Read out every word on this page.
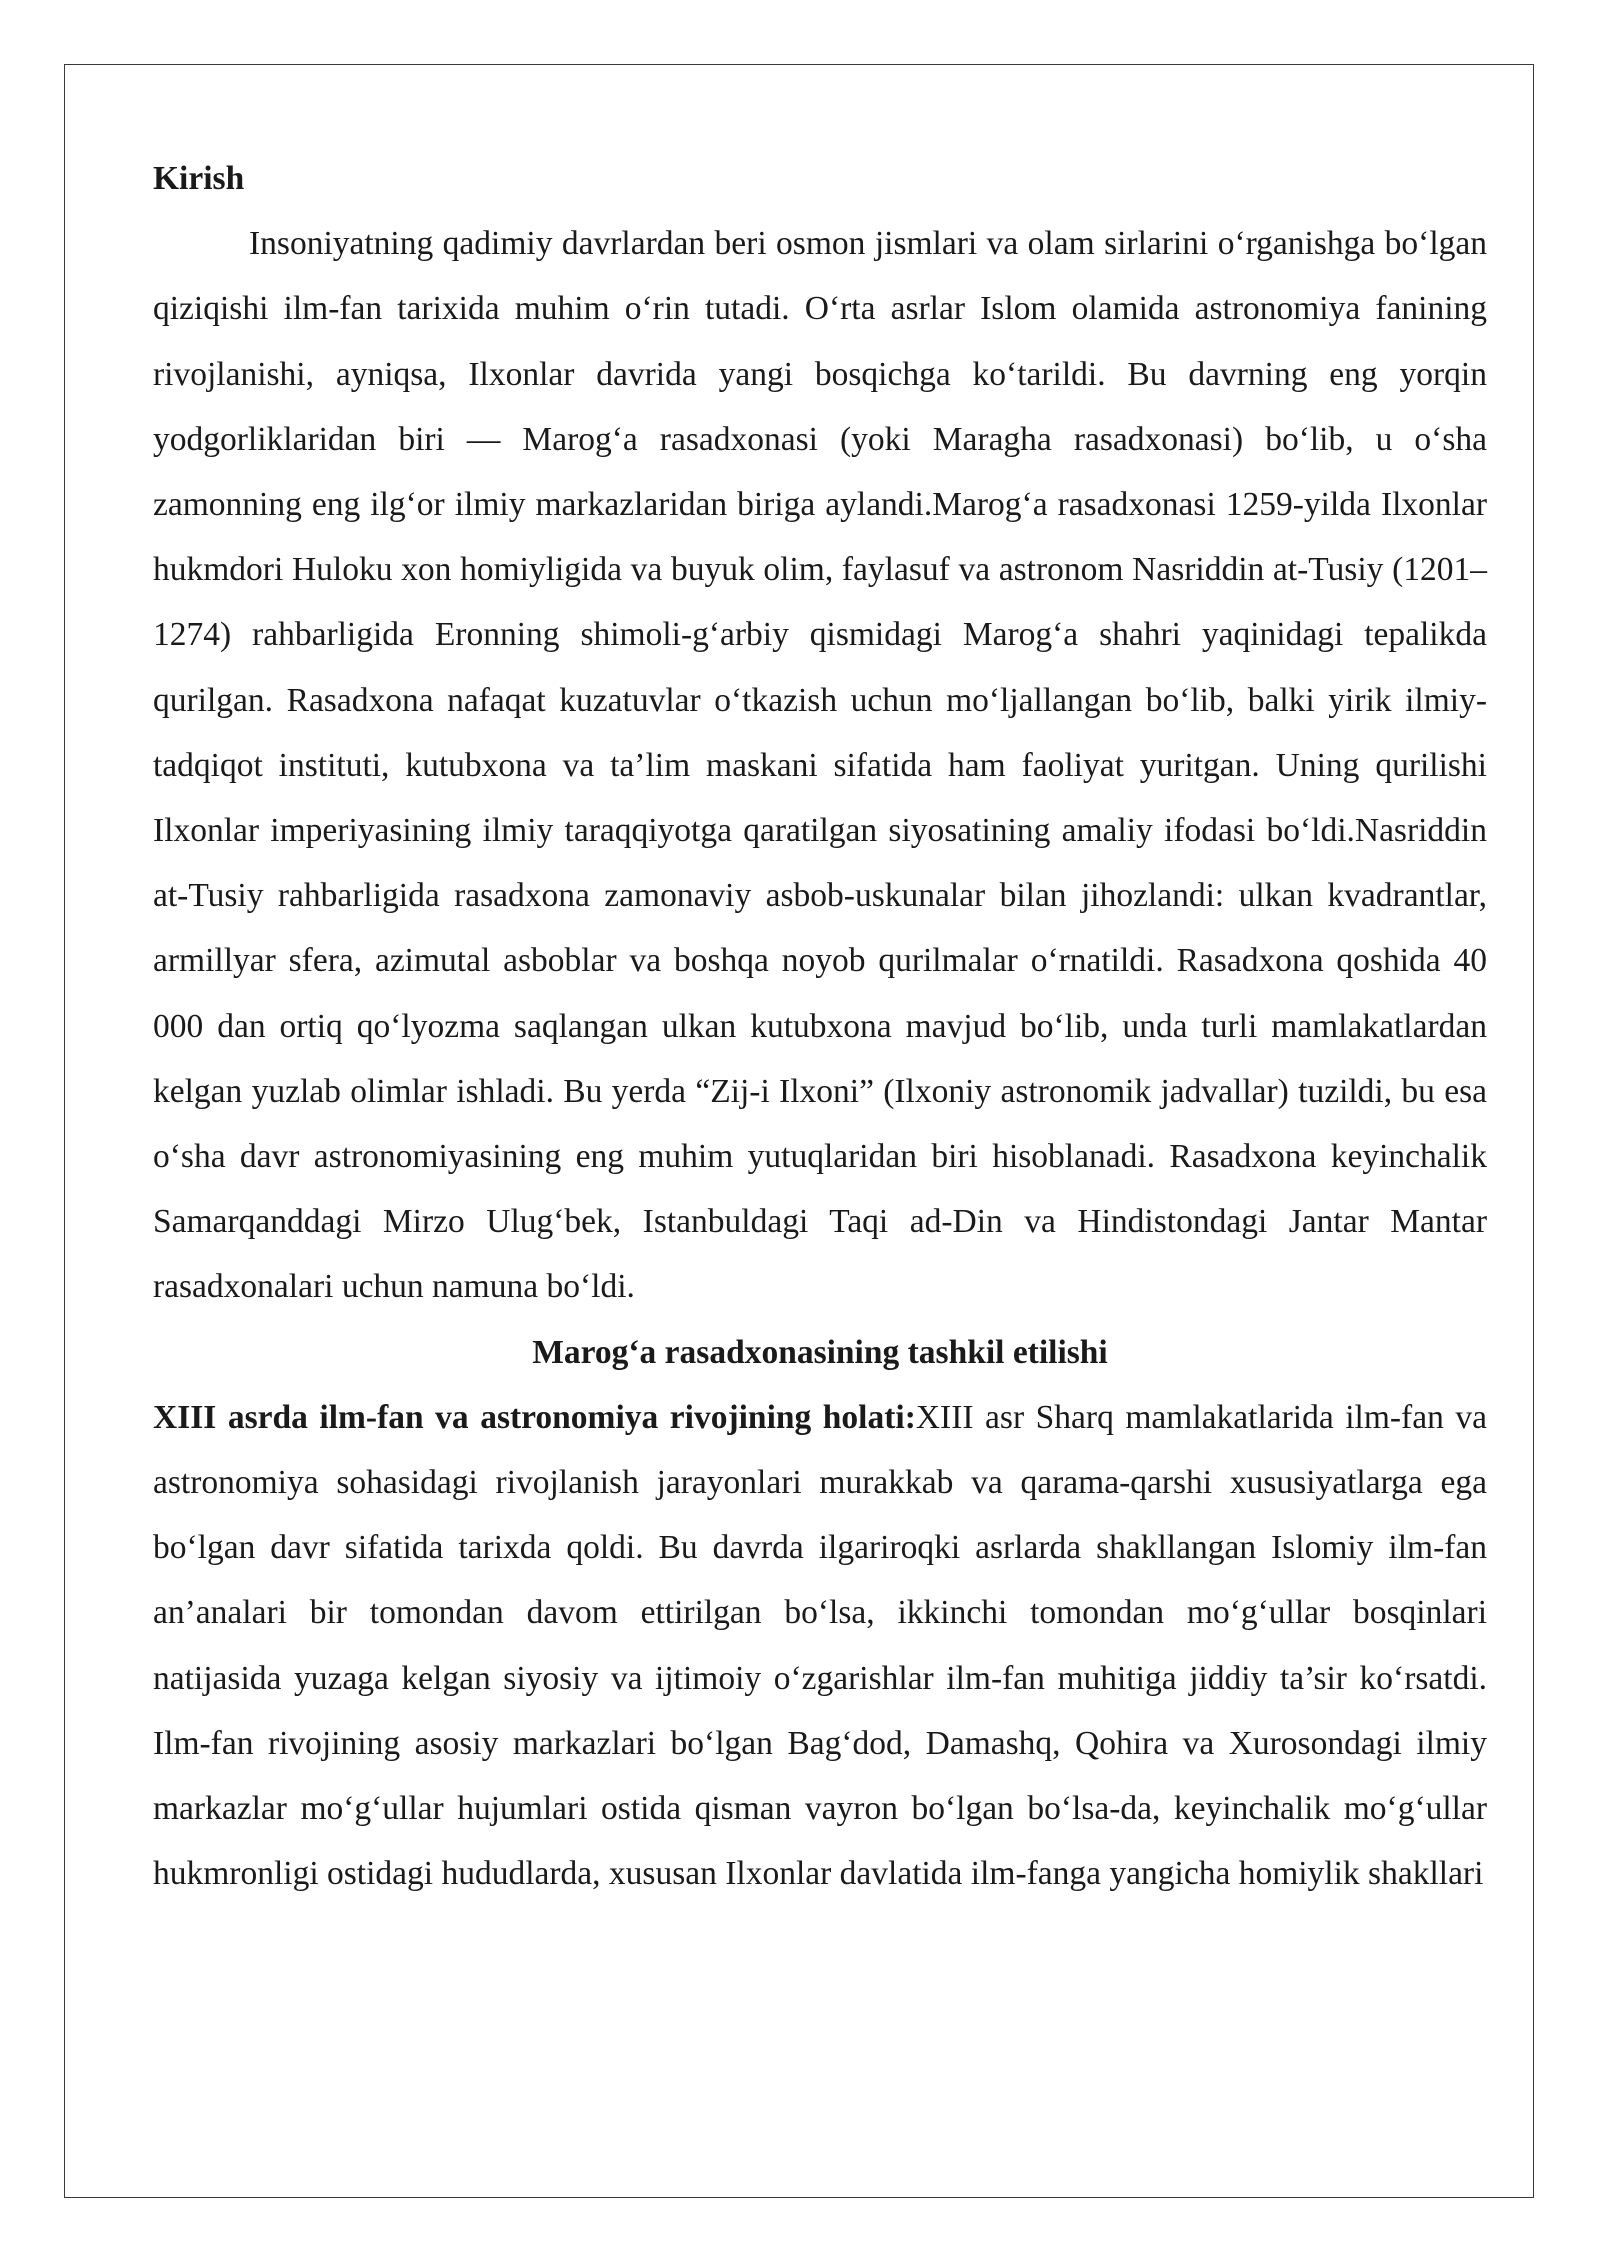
Kirish

Insoniyatning qadimiy davrlardan beri osmon jismlari va olam sirlarini o‘rganishga bo‘lgan qiziqishi ilm-fan tarixida muhim o‘rin tutadi. O‘rta asrlar Islom olamida astronomiya fanining rivojlanishi, ayniqsa, Ilxonlar davrida yangi bosqichga ko‘tarildi. Bu davrning eng yorqin yodgorliklaridan biri — Marog‘a rasadxonasi (yoki Maragha rasadxonasi) bo‘lib, u o‘sha zamonning eng ilg‘or ilmiy markazlaridan biriga aylandi.Marog‘a rasadxonasi 1259-yilda Ilxonlar hukmdori Huloku xon homiyligida va buyuk olim, faylasuf va astronom Nasriddin at-Tusiy (1201–1274) rahbarligida Eronning shimoli-g‘arbiy qismidagi Marog‘a shahri yaqinidagi tepalikda qurilgan. Rasadxona nafaqat kuzatuvlar o‘tkazish uchun mo‘ljallangan bo‘lib, balki yirik ilmiy-tadqiqot instituti, kutubxona va ta’lim maskani sifatida ham faoliyat yuritgan. Uning qurilishi Ilxonlar imperiyasining ilmiy taraqqiyotga qaratilgan siyosatining amaliy ifodasi bo‘ldi.Nasriddin at-Tusiy rahbarligida rasadxona zamonaviy asbob-uskunalar bilan jihozlandi: ulkan kvadrantlar, armillyar sfera, azimutal asboblar va boshqa noyob qurilmalar o‘rnatildi. Rasadxona qoshida 40 000 dan ortiq qo‘lyozma saqlangan ulkan kutubxona mavjud bo‘lib, unda turli mamlakatlardan kelgan yuzlab olimlar ishladi. Bu yerda “Zij-i Ilxoni” (Ilxoniy astronomik jadvallar) tuzildi, bu esa o‘sha davr astronomiyasining eng muhim yutuqlaridan biri hisoblanadi. Rasadxona keyinchalik Samarqanddagi Mirzo Ulug‘bek, Istanbuldagi Taqi ad-Din va Hindistondagi Jantar Mantar rasadxonalari uchun namuna bo‘ldi.

Marog‘a rasadxonasining tashkil etilishi

XIII asrda ilm-fan va astronomiya rivojining holati:XIII asr Sharq mamlakatlarida ilm-fan va astronomiya sohasidagi rivojlanish jarayonlari murakkab va qarama-qarshi xususiyatlarga ega bo‘lgan davr sifatida tarixda qoldi. Bu davrda ilgariroqki asrlarda shakllangan Islomiy ilm-fan an’analari bir tomondan davom ettirilgan bo‘lsa, ikkinchi tomondan mo‘g‘ullar bosqinlari natijasida yuzaga kelgan siyosiy va ijtimoiy o‘zgarishlar ilm-fan muhitiga jiddiy ta’sir ko‘rsatdi. Ilm-fan rivojining asosiy markazlari bo‘lgan Bag‘dod, Damashq, Qohira va Xurosondagi ilmiy markazlar mo‘g‘ullar hujumlari ostida qisman vayron bo‘lgan bo‘lsa-da, keyinchalik mo‘g‘ullar hukmronligi ostidagi hududlarda, xususan Ilxonlar davlatida ilm-fanga yangicha homiylik shakllari
